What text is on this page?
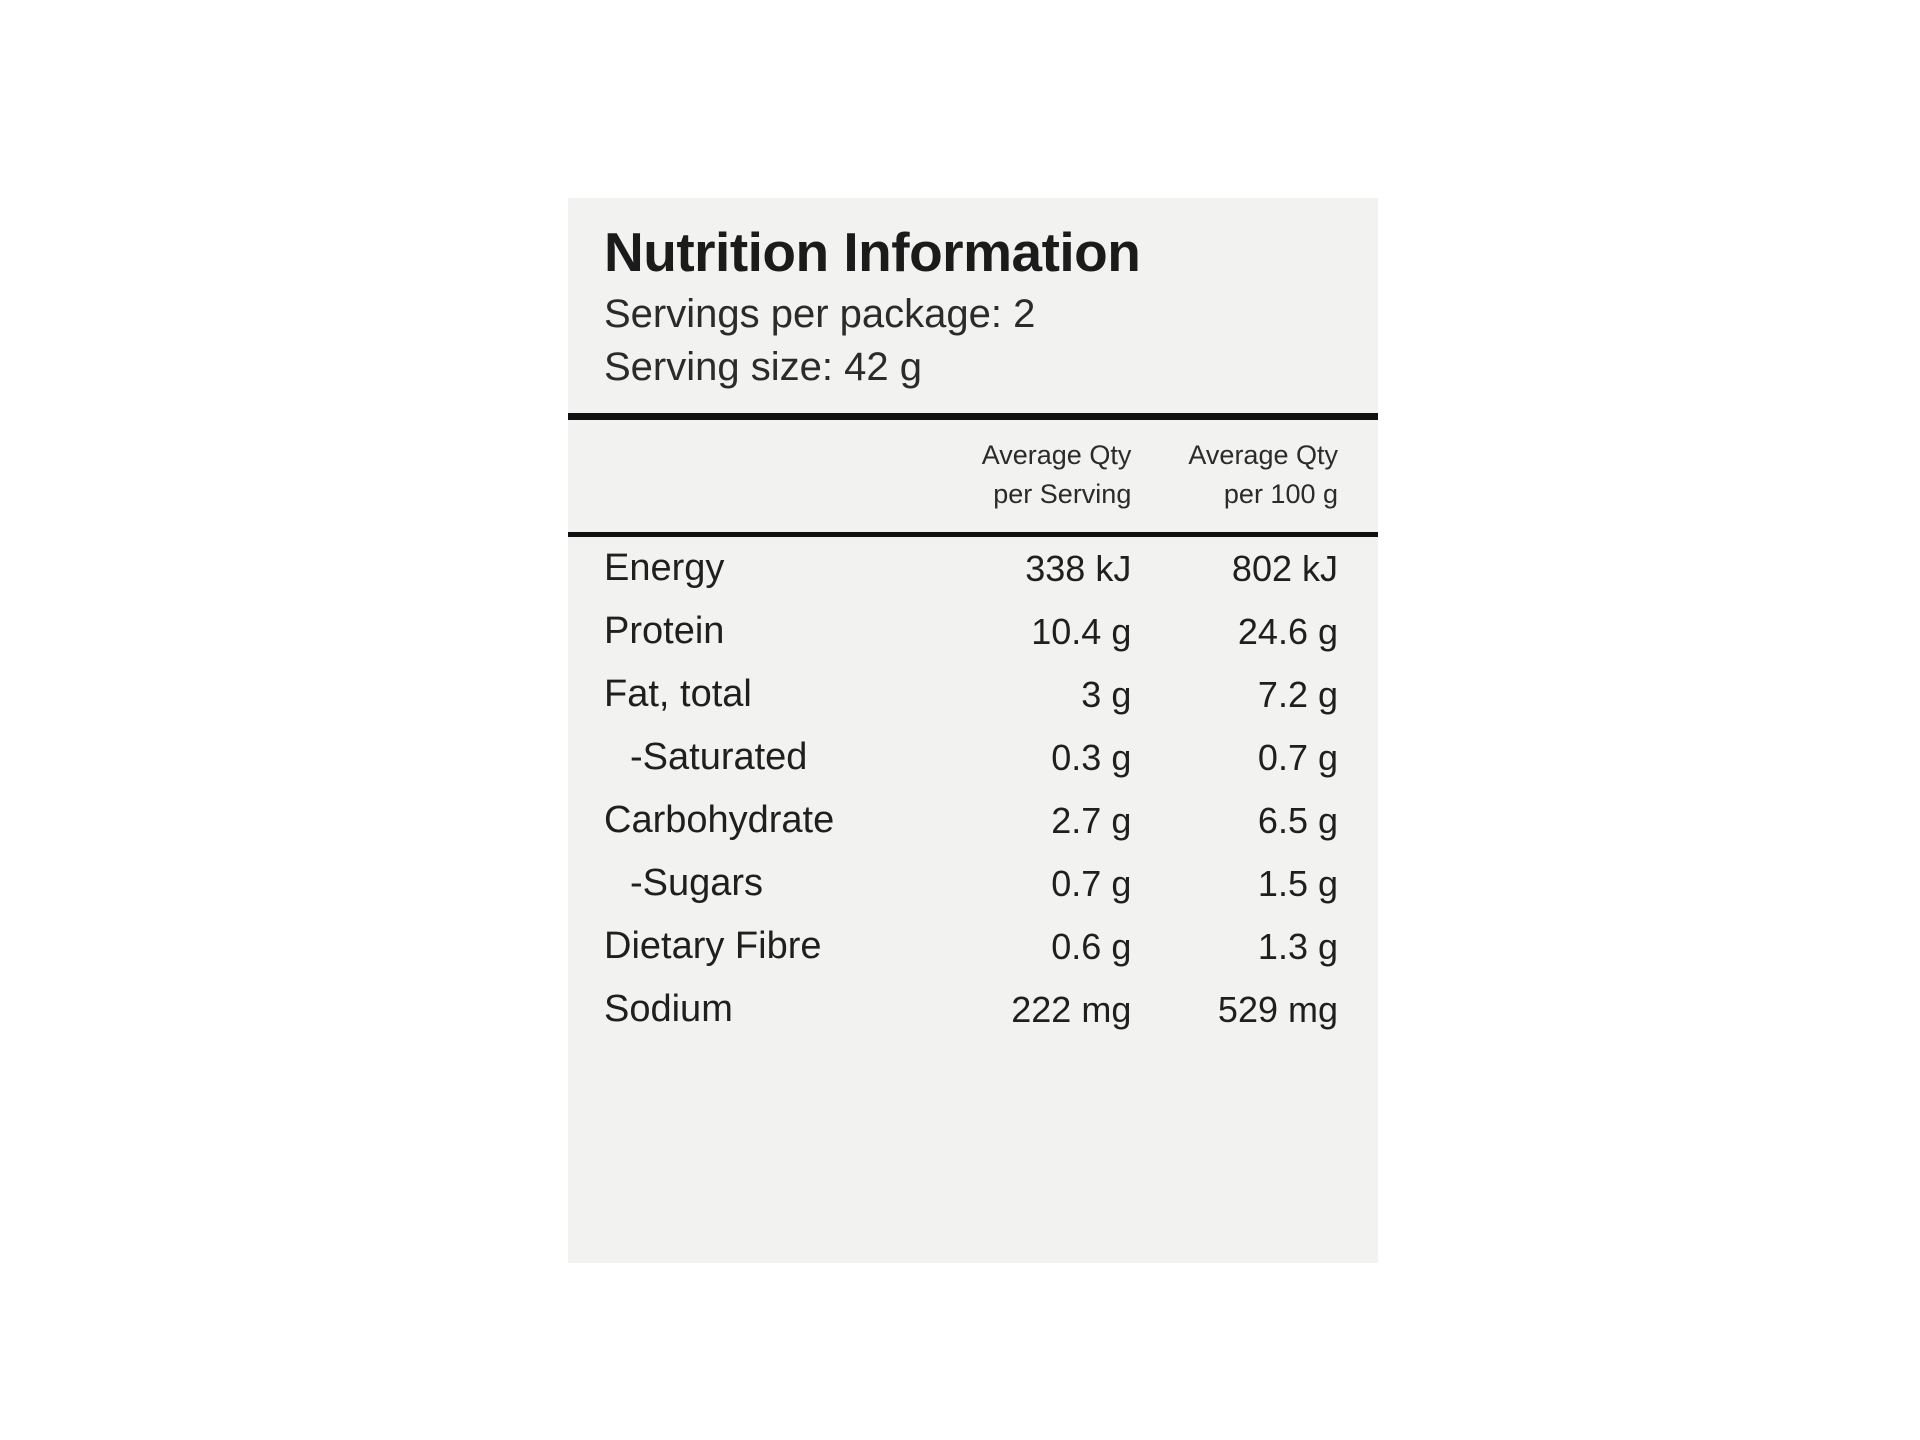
Nutrition Information
Servings per package: 2
Serving size: 42 g
	Average Qty
per Serving
	Average Qty
per 100 g
Energy	338 kJ	802 kJ
Protein	10.4 g	24.6 g
Fat, total	3 g	7.2 g
-Saturated	0.3 g	0.7 g
Carbohydrate	2.7 g	6.5 g
-Sugars	0.7 g	1.5 g
Dietary Fibre	0.6 g	1.3 g
Sodium	222 mg	529 mg
